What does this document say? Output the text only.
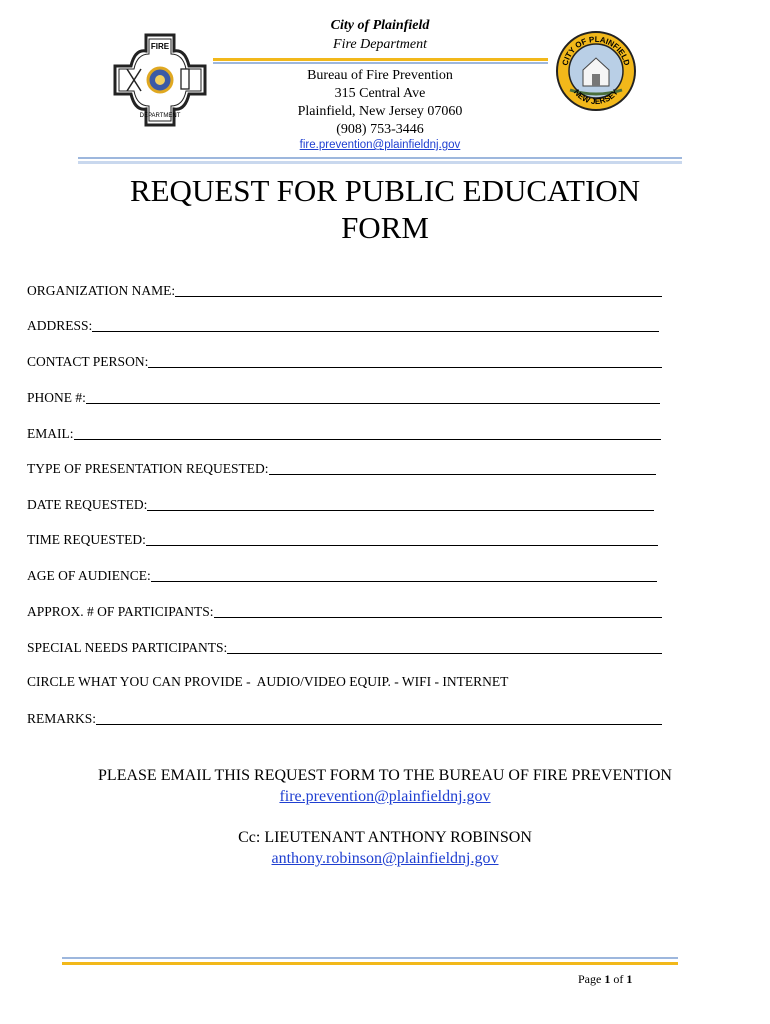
FIRE
DEPARTMENT
City of Plainfield
Fire Department
Bureau of Fire Prevention
315 Central Ave
Plainfield, New Jersey 07060
(908) 753-3446
fire.prevention@plainfieldnj.gov
CITY OF PLAINFIELD
NEW JERSEY
REQUEST FOR PUBLIC EDUCATION
FORM
ORGANIZATION NAME:
ADDRESS:
CONTACT PERSON:
PHONE #:
EMAIL:
TYPE OF PRESENTATION REQUESTED:
DATE REQUESTED:
TIME REQUESTED:
AGE OF AUDIENCE:
APPROX. # OF PARTICIPANTS:
SPECIAL NEEDS PARTICIPANTS:
CIRCLE WHAT YOU CAN PROVIDE -  AUDIO/VIDEO EQUIP. - WIFI - INTERNET
REMARKS:
PLEASE EMAIL THIS REQUEST FORM TO THE BUREAU OF FIRE PREVENTION
fire.prevention@plainfieldnj.gov
Cc: LIEUTENANT ANTHONY ROBINSON
anthony.robinson@plainfieldnj.gov
Page 1 of 1
